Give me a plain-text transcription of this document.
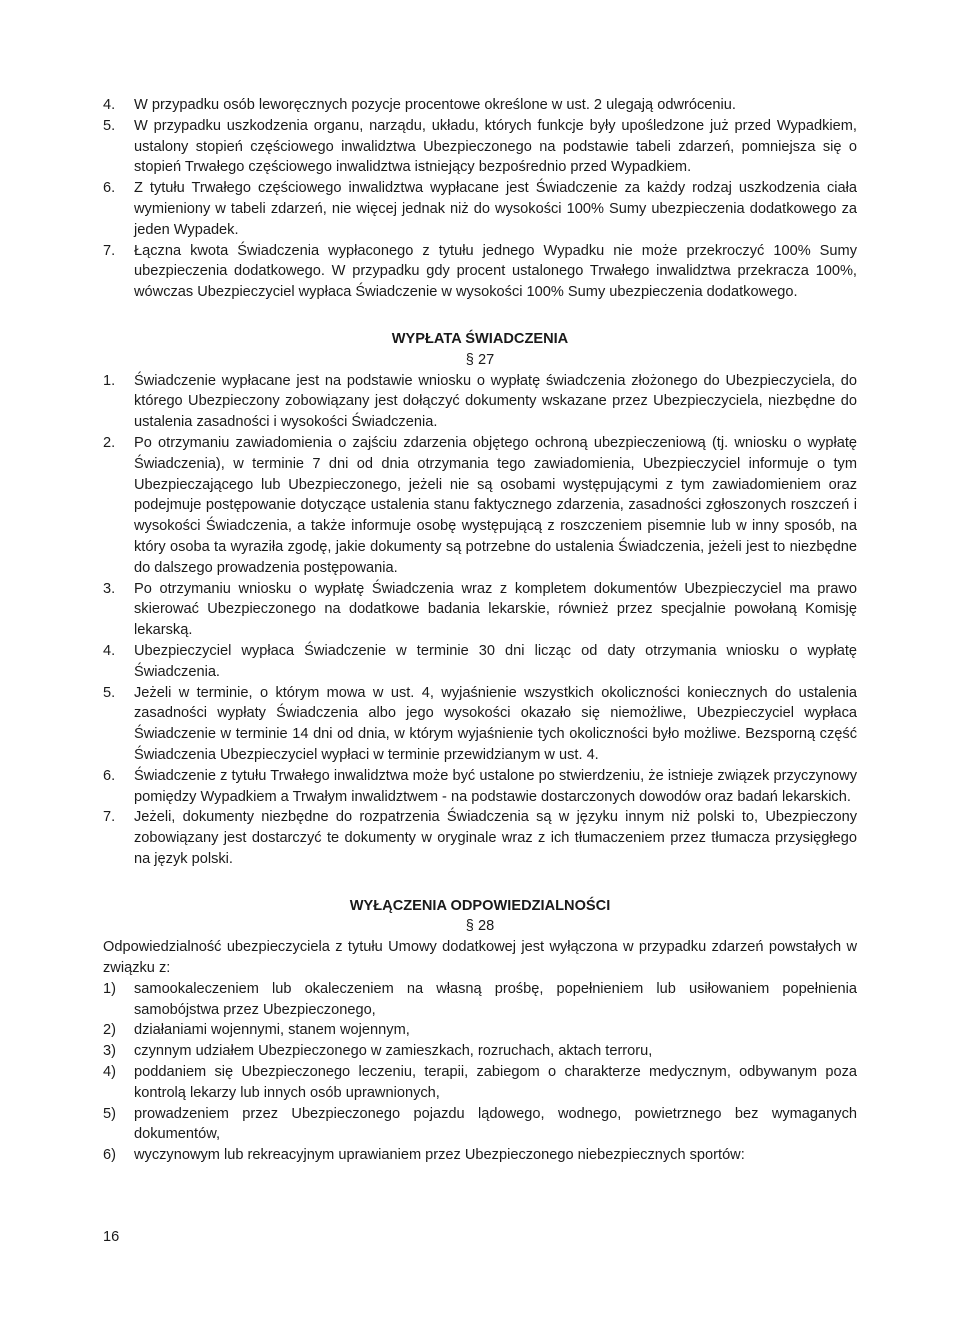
4.	W przypadku osób leworęcznych pozycje procentowe określone w ust. 2 ulegają odwróceniu.
5.	W przypadku uszkodzenia organu, narządu, układu, których funkcje były upośledzone już przed Wypadkiem, ustalony stopień częściowego inwalidztwa Ubezpieczonego na podstawie tabeli zdarzeń, pomniejsza się o stopień Trwałego częściowego inwalidztwa istniejący bezpośrednio przed Wypadkiem.
6.	Z tytułu Trwałego częściowego inwalidztwa wypłacane jest Świadczenie za każdy rodzaj uszkodzenia ciała wymieniony w tabeli zdarzeń, nie więcej jednak niż do wysokości 100% Sumy ubezpieczenia dodatkowego za jeden Wypadek.
7.	Łączna kwota Świadczenia wypłaconego z tytułu jednego Wypadku nie może przekroczyć 100% Sumy ubezpieczenia dodatkowego. W przypadku gdy procent ustalonego Trwałego inwalidztwa przekracza 100%, wówczas Ubezpieczyciel wypłaca Świadczenie w wysokości 100% Sumy ubezpieczenia dodatkowego.
WYPŁATA ŚWIADCZENIA
§ 27
1.	Świadczenie wypłacane jest na podstawie wniosku o wypłatę świadczenia złożonego do Ubezpieczyciela, do którego Ubezpieczony zobowiązany jest dołączyć dokumenty wskazane przez Ubezpieczyciela, niezbędne do ustalenia zasadności i wysokości Świadczenia.
2.	Po otrzymaniu zawiadomienia o zajściu zdarzenia objętego ochroną ubezpieczeniową (tj. wniosku o wypłatę Świadczenia), w terminie 7 dni od dnia otrzymania tego zawiadomienia, Ubezpieczyciel informuje o tym Ubezpieczającego lub Ubezpieczonego, jeżeli nie są osobami występującymi z tym zawiadomieniem oraz podejmuje postępowanie dotyczące ustalenia stanu faktycznego zdarzenia, zasadności zgłoszonych roszczeń i wysokości Świadczenia, a także informuje osobę występującą z roszczeniem pisemnie lub w inny sposób, na który osoba ta wyraziła zgodę, jakie dokumenty są potrzebne do ustalenia Świadczenia, jeżeli jest to niezbędne do dalszego prowadzenia postępowania.
3.	Po otrzymaniu wniosku o wypłatę Świadczenia wraz z kompletem dokumentów Ubezpieczyciel ma prawo skierować Ubezpieczonego na dodatkowe badania lekarskie, również przez specjalnie powołaną Komisję lekarską.
4.	Ubezpieczyciel wypłaca Świadczenie w terminie 30 dni licząc od daty otrzymania wniosku o wypłatę Świadczenia.
5.	Jeżeli w terminie, o którym mowa w ust. 4, wyjaśnienie wszystkich okoliczności koniecznych do ustalenia zasadności wypłaty Świadczenia albo jego wysokości okazało się niemożliwe, Ubezpieczyciel wypłaca Świadczenie w terminie 14 dni od dnia, w którym wyjaśnienie tych okoliczności było możliwe. Bezsporną część Świadczenia Ubezpieczyciel wypłaci w terminie przewidzianym w ust. 4.
6.	Świadczenie z tytułu Trwałego inwalidztwa może być ustalone po stwierdzeniu, że istnieje związek przyczynowy pomiędzy Wypadkiem a Trwałym inwalidztwem - na podstawie dostarczonych dowodów oraz badań lekarskich.
7.	Jeżeli, dokumenty niezbędne do rozpatrzenia Świadczenia są w języku innym niż polski to, Ubezpieczony zobowiązany jest dostarczyć te dokumenty w oryginale wraz z ich tłumaczeniem przez tłumacza przysięgłego na język polski.
WYŁĄCZENIA ODPOWIEDZIALNOŚCI
§ 28
Odpowiedzialność ubezpieczyciela z tytułu Umowy dodatkowej jest wyłączona w przypadku zdarzeń powstałych w związku z:
1)	samookaleczeniem lub okaleczeniem na własną prośbę, popełnieniem lub usiłowaniem popełnienia samobójstwa przez Ubezpieczonego,
2)	działaniami wojennymi, stanem wojennym,
3)	czynnym udziałem Ubezpieczonego w zamieszkach, rozruchach, aktach terroru,
4)	poddaniem się Ubezpieczonego leczeniu, terapii, zabiegom o charakterze medycznym, odbywanym poza kontrolą lekarzy lub innych osób uprawnionych,
5)	prowadzeniem przez Ubezpieczonego pojazdu lądowego, wodnego, powietrznego bez wymaganych dokumentów,
6)	wyczynowym lub rekreacyjnym uprawianiem przez Ubezpieczonego niebezpiecznych sportów:
16
